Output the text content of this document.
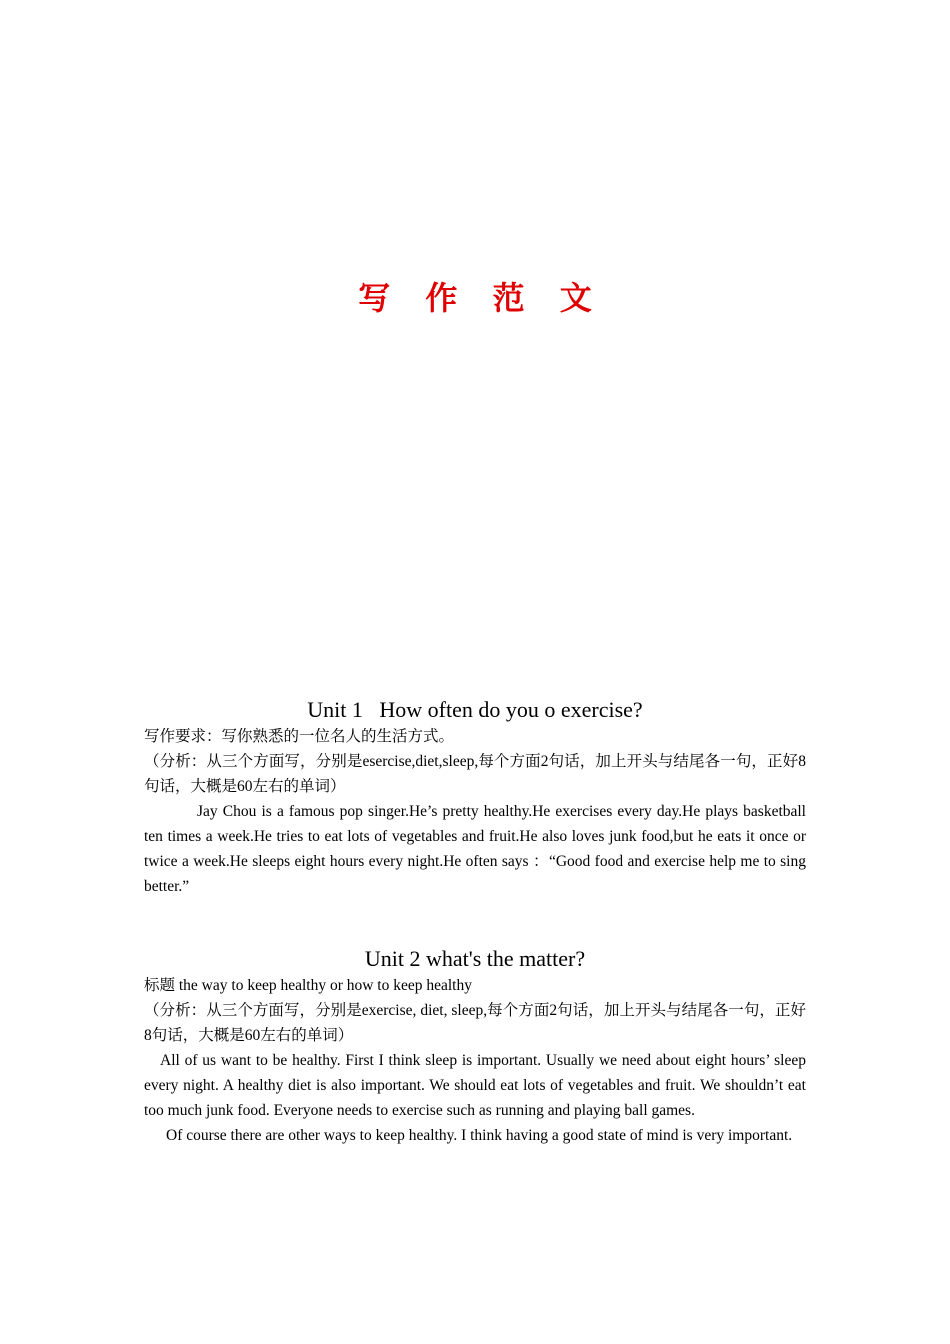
写 作 范 文
Unit 1   How often do you o exercise?

写作要求：写你熟悉的一位名人的生活方式。

（分析：从三个方面写，分别是esercise,diet,sleep,每个方面2句话，加上开头与结尾各一句，正好8句话，大概是60左右的单词）

Jay Chou is a famous pop singer.He’s pretty healthy.He exercises every day.He plays basketball ten times a week.He tries to eat lots of vegetables and fruit.He also loves junk food,but he eats it once or twice a week.He sleeps eight hours every night.He often says ：“Good food and exercise help me to sing better.”

Unit 2 what's the matter?

标题 the way to keep healthy or how to keep healthy

（分析：从三个方面写，分别是exercise, diet, sleep,每个方面2句话，加上开头与结尾各一句，正好8句话，大概是60左右的单词）

All of us want to be healthy. First I think sleep is important. Usually we need about eight hours’ sleep every night. A healthy diet is also important. We should eat lots of vegetables and fruit. We shouldn’t eat too much junk food. Everyone needs to exercise such as running and playing ball games.

Of course there are other ways to keep healthy. I think having a good state of mind is very important.
